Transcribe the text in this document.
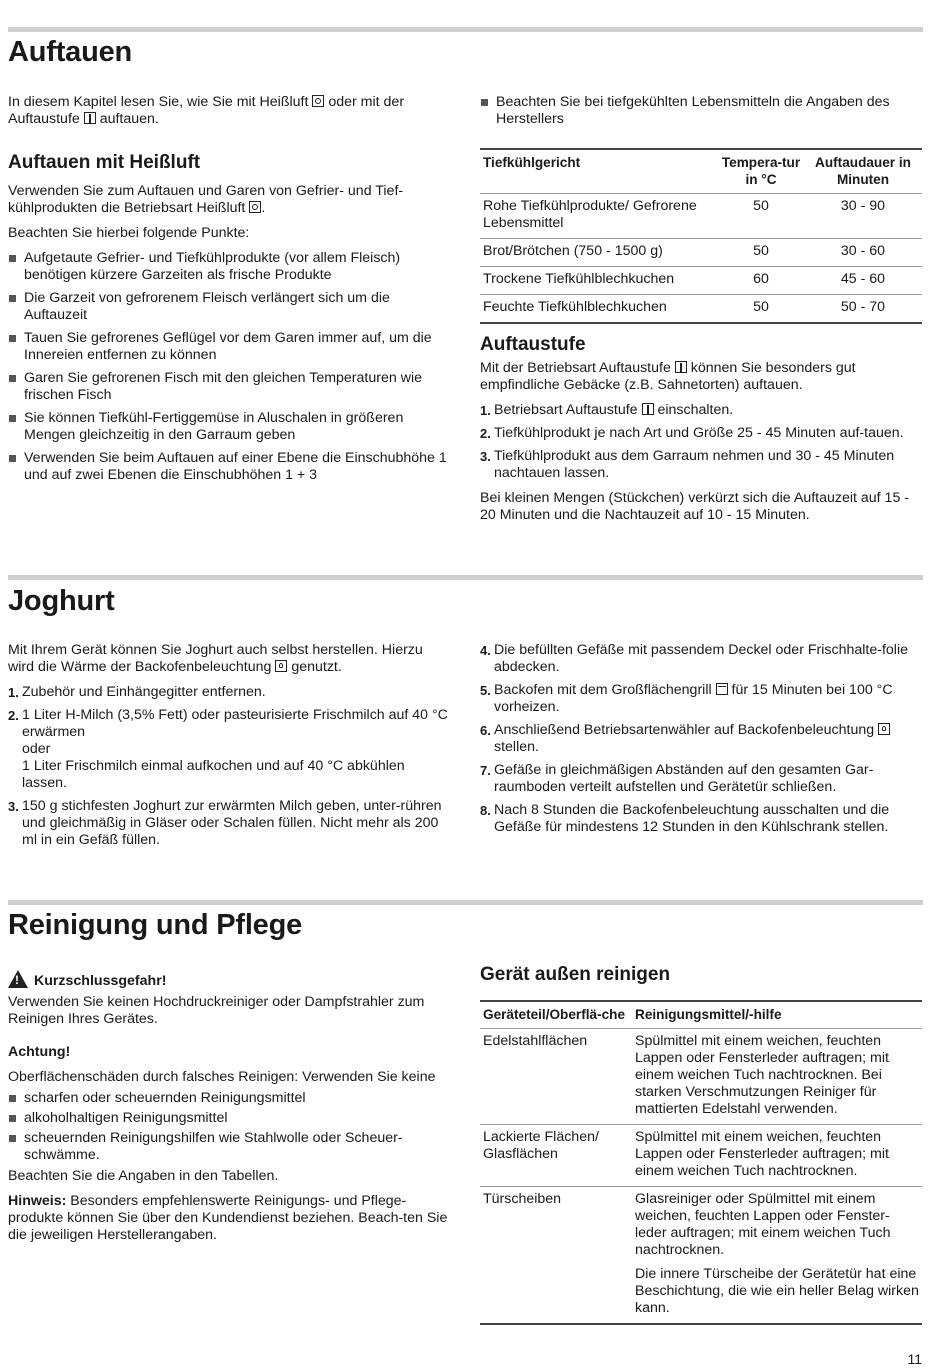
Auftauen

In diesem Kapitel lesen Sie, wie Sie mit Heißluft oder mit der Auftaustufe auftauen.

Auftauen mit Heißluft

Verwenden Sie zum Auftauen und Garen von Gefrier- und Tief-kühlprodukten die Betriebsart Heißluft .

Beachten Sie hierbei folgende Punkte:

Aufgetaute Gefrier- und Tiefkühlprodukte (vor allem Fleisch) benötigen kürzere Garzeiten als frische Produkte
Die Garzeit von gefrorenem Fleisch verlängert sich um die Auftauzeit
Tauen Sie gefrorenes Geflügel vor dem Garen immer auf, um die Innereien entfernen zu können
Garen Sie gefrorenen Fisch mit den gleichen Temperaturen wie frischen Fisch
Sie können Tiefkühl-Fertiggemüse in Aluschalen in größeren Mengen gleichzeitig in den Garraum geben
Verwenden Sie beim Auftauen auf einer Ebene die Einschubhöhe 1 und auf zwei Ebenen die Einschubhöhen 1 + 3
Beachten Sie bei tiefgekühlten Lebensmitteln die Angaben des Herstellers
Tiefkühlgericht	Tempera-tur in °C	Auftaudauer in Minuten
Rohe Tiefkühlprodukte/ Gefrorene Lebensmittel	50	30 - 90
Brot/Brötchen (750 - 1500 g)	50	30 - 60
Trockene Tiefkühlblechkuchen	60	45 - 60
Feuchte Tiefkühlblechkuchen	50	50 - 70
Auftaustufe

Mit der Betriebsart Auftaustufe können Sie besonders gut empfindliche Gebäcke (z.B. Sahnetorten) auftauen.

1. Betriebsart Auftaustufe einschalten.
2. Tiefkühlprodukt je nach Art und Größe 25 - 45 Minuten auf-tauen.
3. Tiefkühlprodukt aus dem Garraum nehmen und 30 - 45 Minuten nachtauen lassen.

Bei kleinen Mengen (Stückchen) verkürzt sich die Auftauzeit auf 15 - 20 Minuten und die Nachtauzeit auf 10 - 15 Minuten.

Joghurt

Mit Ihrem Gerät können Sie Joghurt auch selbst herstellen. Hierzu wird die Wärme der Backofenbeleuchtung genutzt.

1. Zubehör und Einhängegitter entfernen.
2. 1 Liter H-Milch (3,5% Fett) oder pasteurisierte Frischmilch auf 40 °C erwärmen
oder
1 Liter Frischmilch einmal aufkochen und auf 40 °C abkühlen lassen.
3. 150 g stichfesten Joghurt zur erwärmten Milch geben, unter-rühren und gleichmäßig in Gläser oder Schalen füllen. Nicht mehr als 200 ml in ein Gefäß füllen.
4. Die befüllten Gefäße mit passendem Deckel oder Frischhalte-folie abdecken.
5. Backofen mit dem Großflächengrill für 15 Minuten bei 100 °C vorheizen.
6. Anschließend Betriebsartenwähler auf Backofenbeleuchtung  stellen.
7. Gefäße in gleichmäßigen Abständen auf den gesamten Gar-raumboden verteilt aufstellen und Gerätetür schließen.
8. Nach 8 Stunden die Backofenbeleuchtung ausschalten und die Gefäße für mindestens 12 Stunden in den Kühlschrank stellen.
Reinigung und Pflege

!Kurzschlussgefahr!

Verwenden Sie keinen Hochdruckreiniger oder Dampfstrahler zum Reinigen Ihres Gerätes.

Achtung!

Oberflächenschäden durch falsches Reinigen: Verwenden Sie keine

scharfen oder scheuernden Reinigungsmittel
alkoholhaltigen Reinigungsmittel
scheuernden Reinigungshilfen wie Stahlwolle oder Scheuer-schwämme.

Beachten Sie die Angaben in den Tabellen.

Hinweis: Besonders empfehlenswerte Reinigungs- und Pflege-produkte können Sie über den Kundendienst beziehen. Beach-ten Sie die jeweiligen Herstellerangaben.

Gerät außen reinigen
Geräteteil/Oberflä-che	Reinigungsmittel/-hilfe
Edelstahlflächen	Spülmittel mit einem weichen, feuchten Lappen oder Fensterleder auftragen; mit einem weichen Tuch nachtrocknen. Bei starken Verschmutzungen Reiniger für mattierten Edelstahl verwenden.
Lackierte Flächen/ Glasflächen	Spülmittel mit einem weichen, feuchten Lappen oder Fensterleder auftragen; mit einem weichen Tuch nachtrocknen.
Türscheiben	Glasreiniger oder Spülmittel mit einem weichen, feuchten Lappen oder Fenster-leder auftragen; mit einem weichen Tuch nachtrocknen.
Die innere Türscheibe der Gerätetür hat eine Beschichtung, die wie ein heller Belag wirken kann.
11
